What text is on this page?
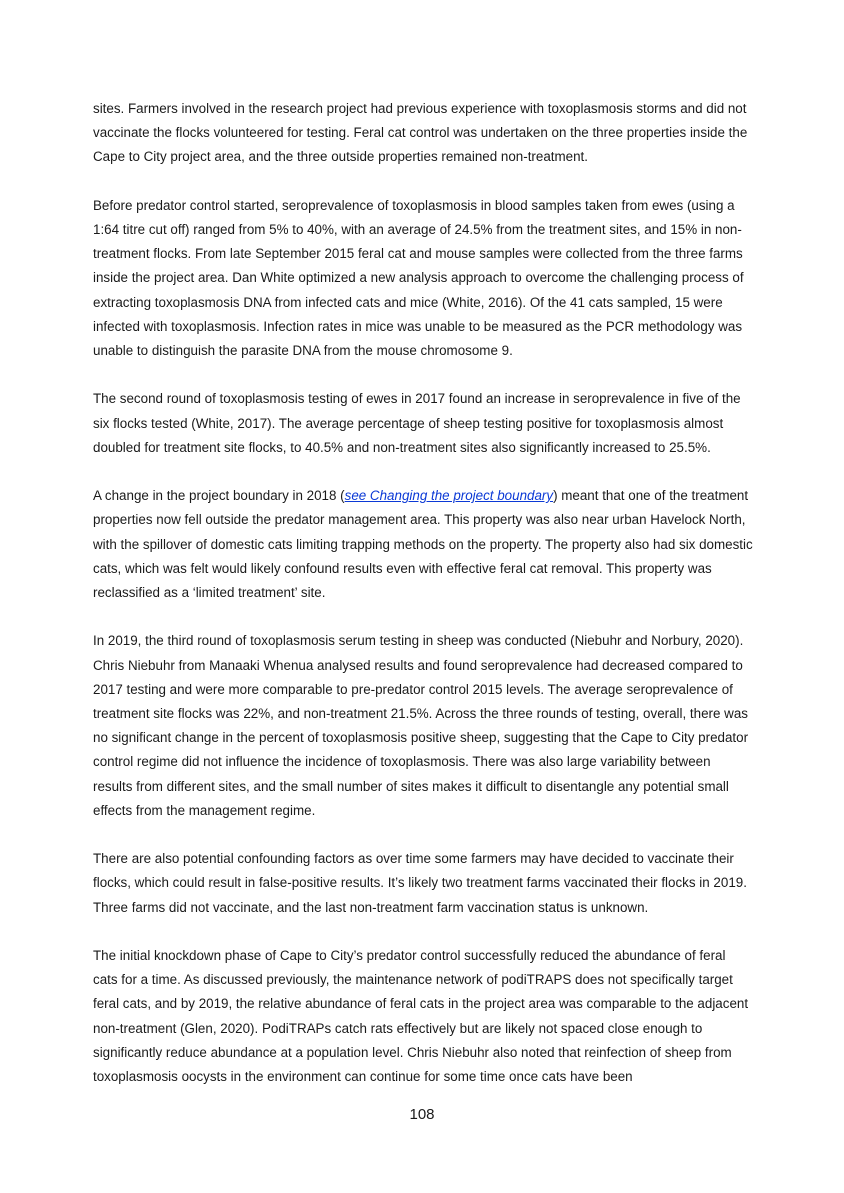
sites. Farmers involved in the research project had previous experience with toxoplasmosis storms and did not vaccinate the flocks volunteered for testing. Feral cat control was undertaken on the three properties inside the Cape to City project area, and the three outside properties remained non-treatment.

Before predator control started, seroprevalence of toxoplasmosis in blood samples taken from ewes (using a 1:64 titre cut off) ranged from 5% to 40%, with an average of 24.5% from the treatment sites, and 15% in non-treatment flocks. From late September 2015 feral cat and mouse samples were collected from the three farms inside the project area. Dan White optimized a new analysis approach to overcome the challenging process of extracting toxoplasmosis DNA from infected cats and mice (White, 2016). Of the 41 cats sampled, 15 were infected with toxoplasmosis. Infection rates in mice was unable to be measured as the PCR methodology was unable to distinguish the parasite DNA from the mouse chromosome 9.

The second round of toxoplasmosis testing of ewes in 2017 found an increase in seroprevalence in five of the six flocks tested (White, 2017). The average percentage of sheep testing positive for toxoplasmosis almost doubled for treatment site flocks, to 40.5% and non-treatment sites also significantly increased to 25.5%.

A change in the project boundary in 2018 (see Changing the project boundary) meant that one of the treatment properties now fell outside the predator management area. This property was also near urban Havelock North, with the spillover of domestic cats limiting trapping methods on the property. The property also had six domestic cats, which was felt would likely confound results even with effective feral cat removal. This property was reclassified as a ‘limited treatment’ site.

In 2019, the third round of toxoplasmosis serum testing in sheep was conducted (Niebuhr and Norbury, 2020). Chris Niebuhr from Manaaki Whenua analysed results and found seroprevalence had decreased compared to 2017 testing and were more comparable to pre-predator control 2015 levels. The average seroprevalence of treatment site flocks was 22%, and non-treatment 21.5%. Across the three rounds of testing, overall, there was no significant change in the percent of toxoplasmosis positive sheep, suggesting that the Cape to City predator control regime did not influence the incidence of toxoplasmosis. There was also large variability between results from different sites, and the small number of sites makes it difficult to disentangle any potential small effects from the management regime.

There are also potential confounding factors as over time some farmers may have decided to vaccinate their flocks, which could result in false-positive results. It’s likely two treatment farms vaccinated their flocks in 2019. Three farms did not vaccinate, and the last non-treatment farm vaccination status is unknown.

The initial knockdown phase of Cape to City’s predator control successfully reduced the abundance of feral cats for a time. As discussed previously, the maintenance network of podiTRAPS does not specifically target feral cats, and by 2019, the relative abundance of feral cats in the project area was comparable to the adjacent non-treatment (Glen, 2020). PodiTRAPs catch rats effectively but are likely not spaced close enough to significantly reduce abundance at a population level. Chris Niebuhr also noted that reinfection of sheep from toxoplasmosis oocysts in the environment can continue for some time once cats have been

108
